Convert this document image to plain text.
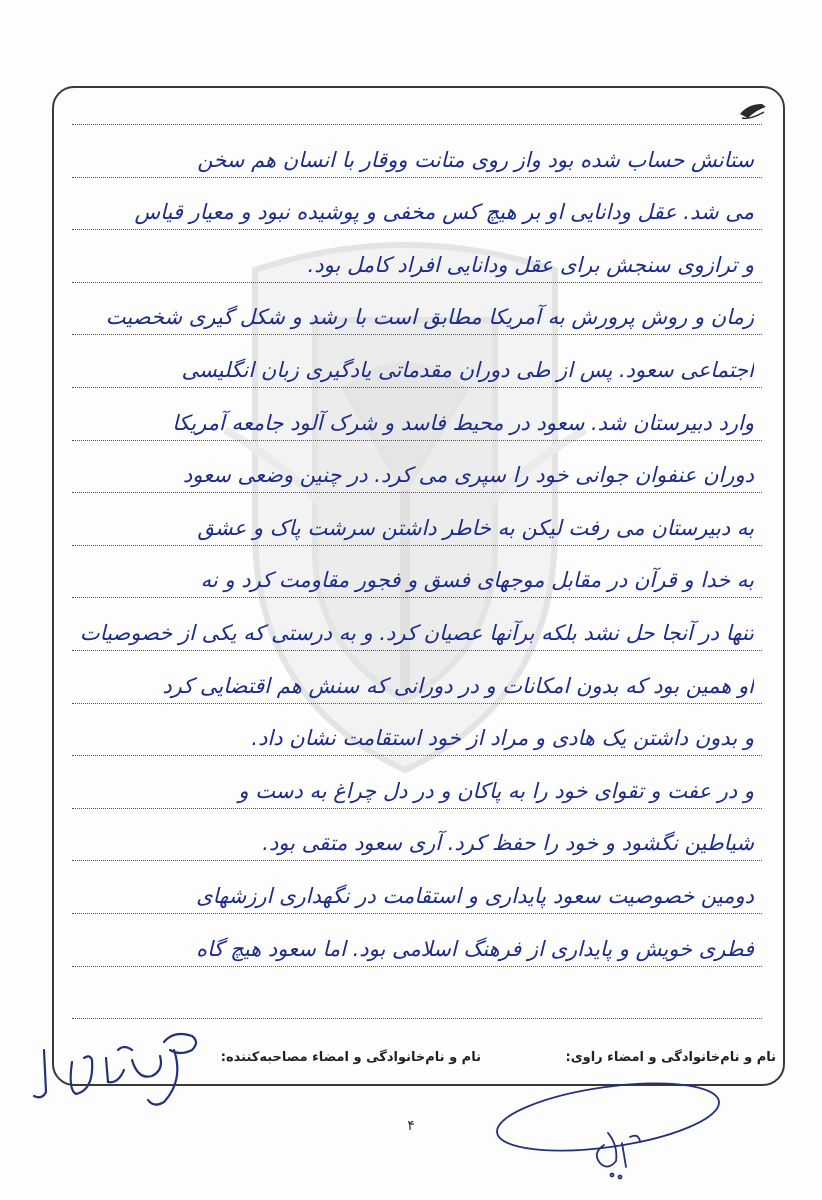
ستانش حساب شده بود واز روی متانت ووقار با انسان هم سخن
می شد. عقل ودانایی او بر هیچ کس مخفی و پوشیده نبود و معیار قیاس
و ترازوی سنجش برای عقل ودانایی افراد کامل بود.
زمان و روش پرورش به آمریکا مطابق است با رشد و شکل گیری شخصیت
اجتماعی سعود. پس از طی دوران مقدماتی یادگیری زبان انگلیسی
وارد دبیرستان شد. سعود در محیط فاسد و شرک آلود جامعه آمریکا
دوران عنفوان جوانی خود را سپری می کرد. در چنین وضعی سعود
به دبیرستان می رفت لیکن به خاطر داشتن سرشت پاک و عشق
به خدا و قرآن در مقابل موجهای فسق و فجور مقاومت کرد و نه
تنها در آنجا حل نشد بلکه برآنها عصیان کرد. و به درستی که یکی از خصوصیات
او همین بود که بدون امکانات و در دورانی که سنش هم اقتضایی کرد
و بدون داشتن یک هادی و مراد از خود استقامت نشان داد.
و در عفت و تقوای خود را به پاکان و در دل چراغ به دست و
شیاطین نگشود و خود را حفظ کرد. آری سعود متقی بود.
دومین خصوصیت سعود پایداری و استقامت در نگهداری ارزشهای
فطری خویش و پایداری از فرهنگ اسلامی بود. اما سعود هیچ گاه
نام و نام‌خانوادگی و امضاء راوی: نام و نام‌خانوادگی و امضاء مصاحبه‌کننده:
۴
